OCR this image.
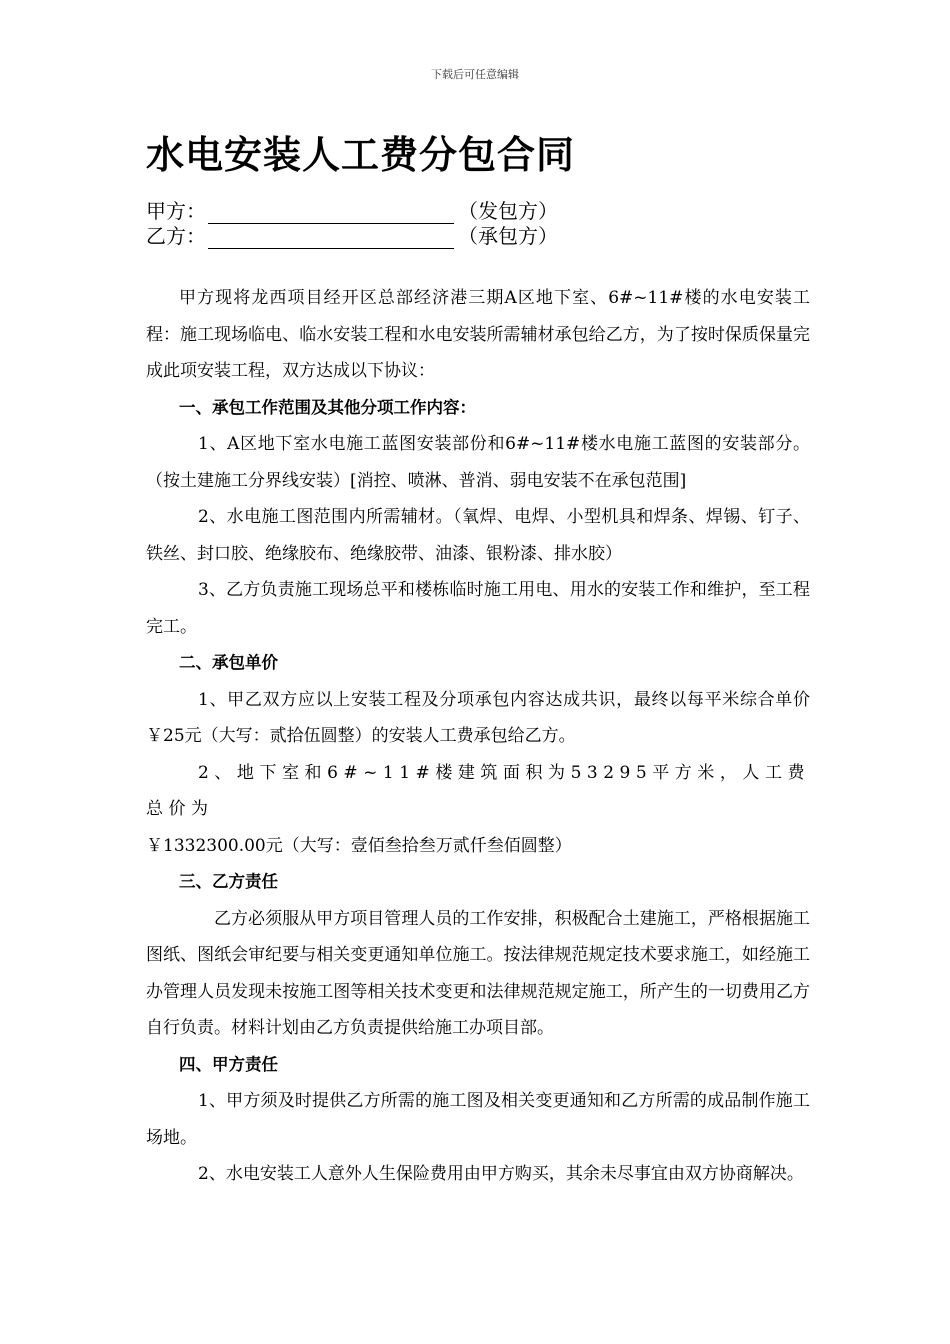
下载后可任意编辑
水电安装人工费分包合同
甲方：	（发包方）
乙方：	（承包方）

甲方现将龙西项目经开区总部经济港三期A区地下室、6#~11#楼的水电安装工程：施工现场临电、临水安装工程和水电安装所需辅材承包给乙方，为了按时保质保量完成此项安装工程，双方达成以下协议：

一、承包工作范围及其他分项工作内容：

1、A区地下室水电施工蓝图安装部份和6#~11#楼水电施工蓝图的安装部分。（按土建施工分界线安装）[消控、喷淋、普消、弱电安装不在承包范围]

2、水电施工图范围内所需辅材。（氧焊、电焊、小型机具和焊条、焊锡、钉子、铁丝、封口胶、绝缘胶布、绝缘胶带、油漆、银粉漆、排水胶）

3、乙方负责施工现场总平和楼栋临时施工用电、用水的安装工作和维护，至工程完工。

二、承包单价

1、甲乙双方应以上安装工程及分项承包内容达成共识，最终以每平米综合单价￥25元（大写：贰拾伍圆整）的安装人工费承包给乙方。

2、地下室和6#~11#楼建筑面积为53295平方米，人工费总价为

￥1332300.00元（大写：壹佰叁拾叁万贰仟叁佰圆整）

三、乙方责任

乙方必须服从甲方项目管理人员的工作安排，积极配合土建施工，严格根据施工图纸、图纸会审纪要与相关变更通知单位施工。按法律规范规定技术要求施工，如经施工办管理人员发现未按施工图等相关技术变更和法律规范规定施工，所产生的一切费用乙方自行负责。材料计划由乙方负责提供给施工办项目部。

四、甲方责任

1、甲方须及时提供乙方所需的施工图及相关变更通知和乙方所需的成品制作施工场地。

2、水电安装工人意外人生保险费用由甲方购买，其余未尽事宜由双方协商解决。
